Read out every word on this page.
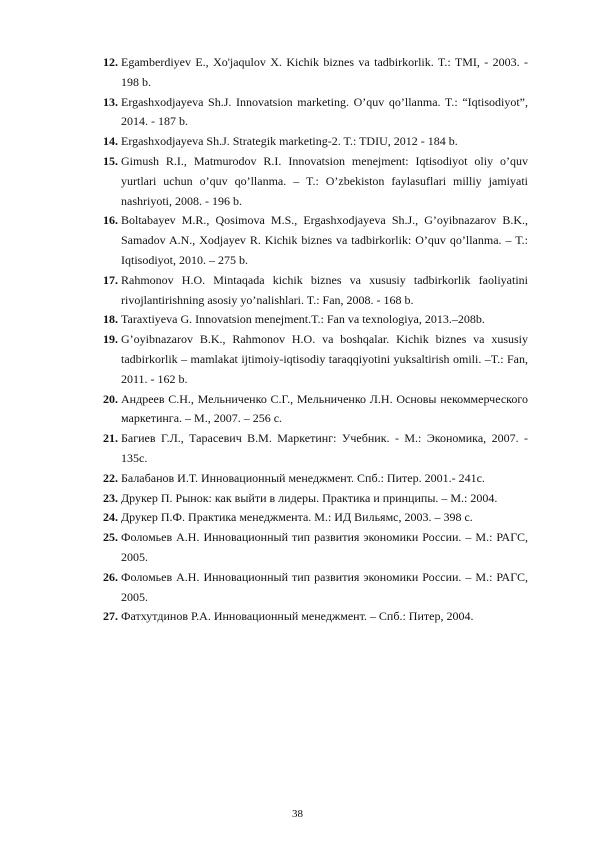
12. Egamberdiyev E., Xo'jaqulov X. Kichik biznes va tadbirkorlik. T.: TMI, - 2003. - 198 b.
13. Ergashxodjayeva Sh.J. Innovatsion marketing. O’quv qo’llanma. T.: “Iqtisodiyot”, 2014. - 187 b.
14. Ergashxodjayeva Sh.J. Strategik marketing-2. T.: TDIU, 2012 - 184 b.
15. Gimush R.I., Matmurodov R.I. Innovatsion menejment: Iqtisodiyot oliy o’quv yurtlari uchun o’quv qo’llanma. – T.: O’zbekiston faylasuflari milliy jamiyati nashriyoti, 2008. - 196 b.
16. Boltabayev M.R., Qosimova M.S., Ergashxodjayeva Sh.J., G’oyibnazarov B.K., Samadov A.N., Xodjayev R. Kichik biznes va tadbirkorlik: O’quv qo’llanma. – T.: Iqtisodiyot, 2010. – 275 b.
17. Rahmonov H.O. Mintaqada kichik biznes va xususiy tadbirkorlik faoliyatini rivojlantirishning asosiy yo’nalishlari. T.: Fan, 2008. - 168 b.
18. Taraxtiyeva G. Innovatsion menejment.T.: Fan va texnologiya, 2013.–208b.
19. G’oyibnazarov B.K., Rahmonov H.O. va boshqalar. Kichik biznes va xususiy tadbirkorlik – mamlakat ijtimoiy-iqtisodiy taraqqiyotini yuksaltirish omili. –T.: Fan, 2011. - 162 b.
20. Андреев С.Н., Мельниченко С.Г., Мельниченко Л.Н. Основы некоммерческого маркетинга. – М., 2007. – 256 с.
21. Багиев Г.Л., Тарасевич В.М. Маркетинг: Учебник. - М.: Экономика, 2007. - 135с.
22. Балабанов И.Т. Инновационный менеджмент. Спб.: Питер. 2001.- 241с.
23. Друкер П. Рынок: как выйти в лидеры. Практика и принципы. – М.: 2004.
24. Друкер П.Ф. Практика менеджмента. М.: ИД Вильямс, 2003. – 398 с.
25. Фоломьев А.Н. Инновационный тип развития экономики России. – М.: РАГС, 2005.
26. Фоломьев А.Н. Инновационный тип развития экономики России. – М.: РАГС, 2005.
27. Фатхутдинов Р.А. Инновационный менеджмент. – Спб.: Питер, 2004.
38
